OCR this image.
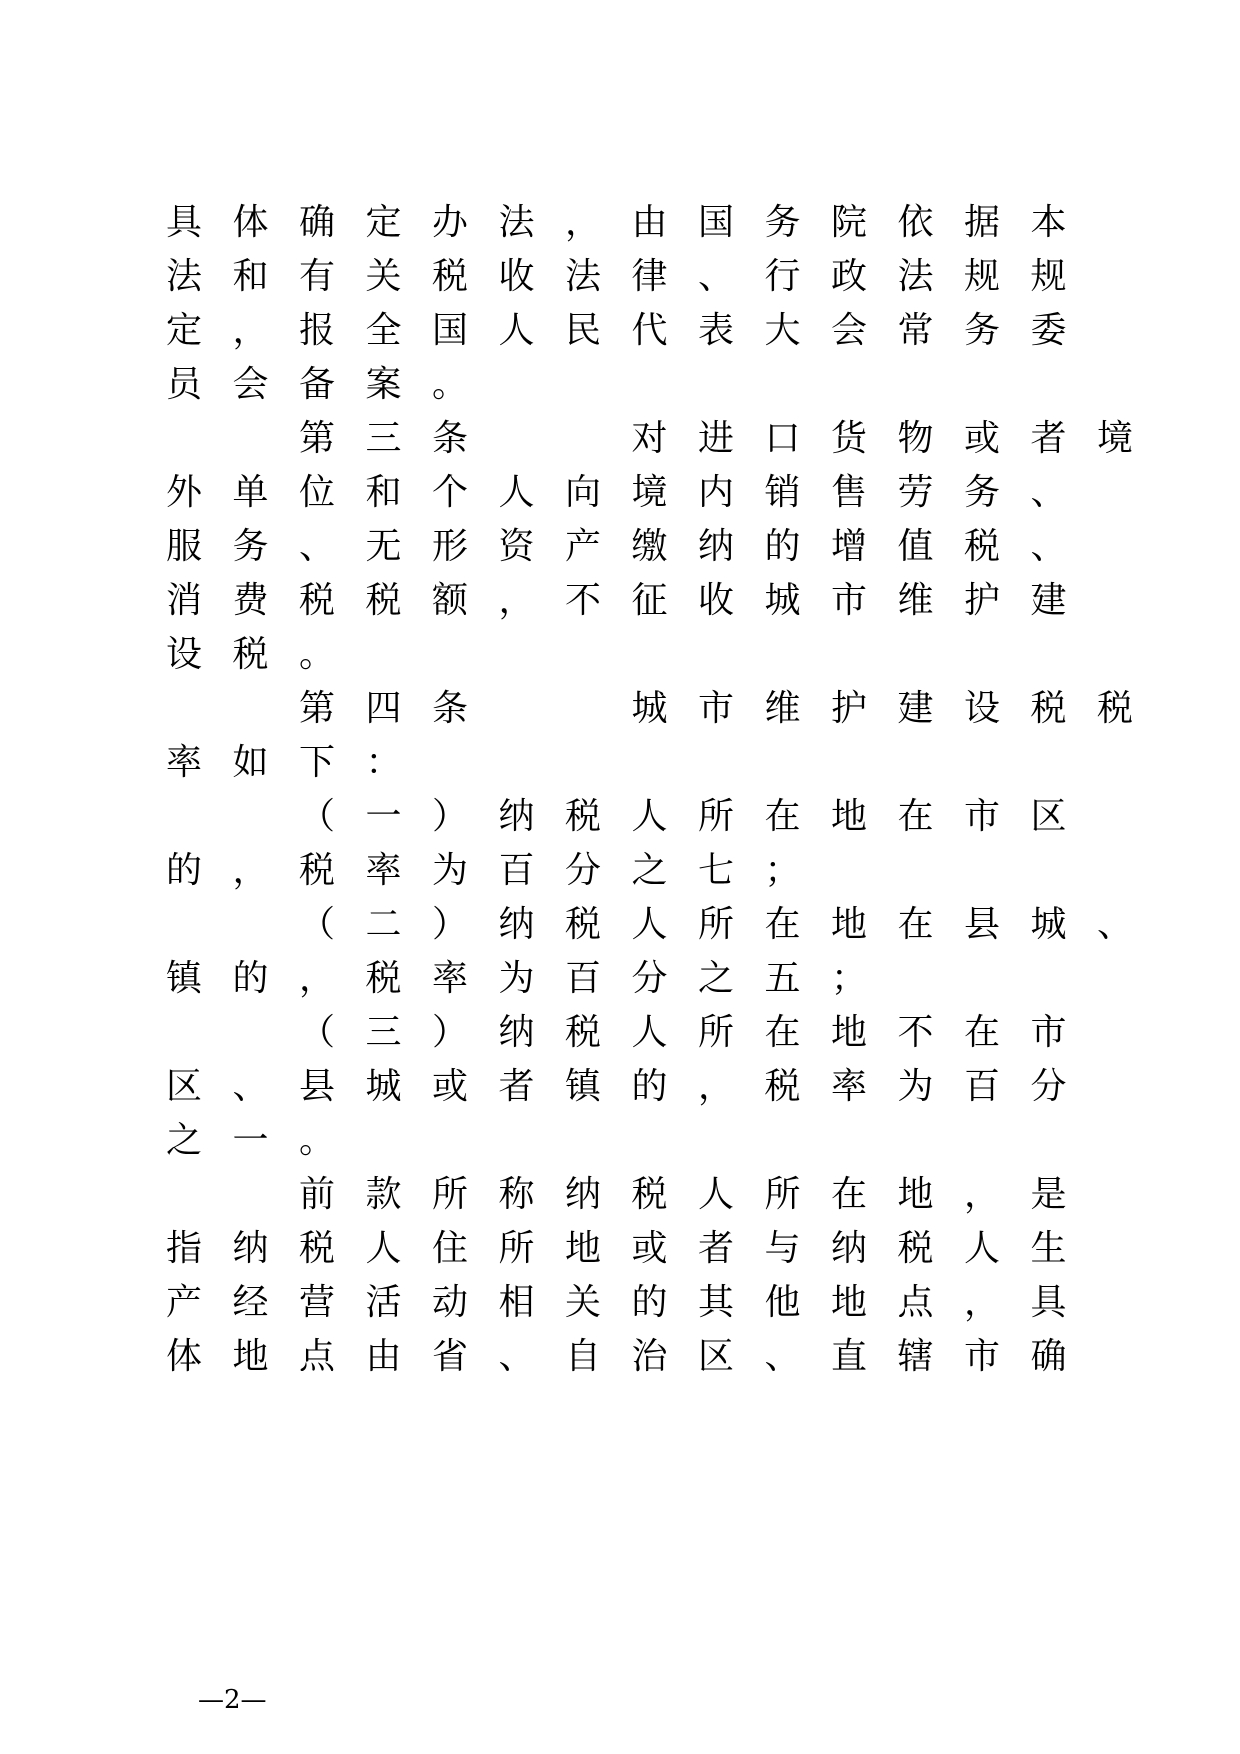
具 体 确 定 办 法 ， 由 国 务 院 依 据 本
法 和 有 关 税 收 法 律 、 行 政 法 规 规
定 ， 报 全 国 人 民 代 表 大 会 常 务 委
员 会 备 案 。
第 三 条	对 进 口 货 物 或 者 境
外 单 位 和 个 人 向 境 内 销 售 劳 务 、
服 务 、 无 形 资 产 缴 纳 的 增 值 税 、
消 费 税 税 额 ， 不 征 收 城 市 维 护 建
设 税 。
第 四 条	城 市 维 护 建 设 税 税
率 如 下 ：
（ 一 ） 纳 税 人 所 在 地 在 市 区
的 ， 税 率 为 百 分 之 七 ；
（ 二 ） 纳 税 人 所 在 地 在 县 城 、
镇 的 ， 税 率 为 百 分 之 五 ；
（ 三 ） 纳 税 人 所 在 地 不 在 市
区 、 县 城 或 者 镇 的 ， 税 率 为 百 分
之 一 。
前 款 所 称 纳 税 人 所 在 地 ， 是
指 纳 税 人 住 所 地 或 者 与 纳 税 人 生
产 经 营 活 动 相 关 的 其 他 地 点 ， 具
体 地 点 由 省 、 自 治 区 、 直 辖 市 确
—2—
